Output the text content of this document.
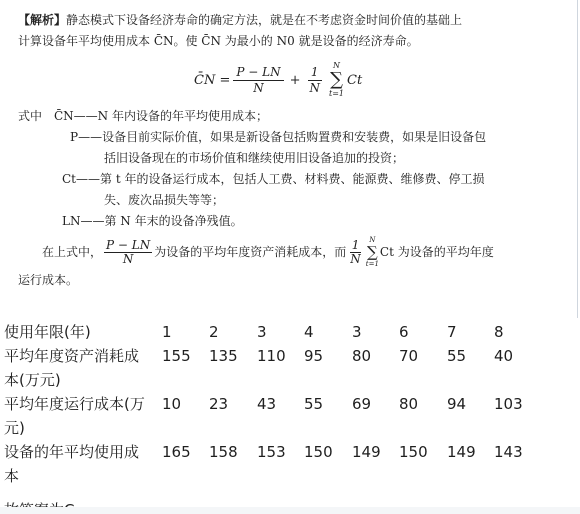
【解析】静态模式下设备经济寿命的确定方法，就是在不考虑资金时间价值的基础上
计算设备年平均使用成本 C̄N。使 C̄N 为最小的 N0 就是设备的经济寿命。
C̄N = $\frac{P - LN}{N} + \frac{1}{N}$ N
∑
t=1
Ct
式中 C̄N——N 年内设备的年平均使用成本；
P——设备目前实际价值，如果是新设备包括购置费和安装费，如果是旧设备包
括旧设备现在的市场价值和继续使用旧设备追加的投资；
Ct——第 t 年的设备运行成本，包括人工费、材料费、能源费、维修费、停工损
失、废次品损失等等；
LN——第 N 年末的设备净残值。
在上式中， $\frac{P - LN}{N}$ 为设备的平均年度资产消耗成本，而 $\frac{1}{N}$ N
∑
t=1
Ct 为设备的平均年度
运行成本。
使用年限(年)	1 2	3 4	3 6	7 8
平均年度资产消耗成
本(万元)
155 135 110 95 80 70 55 40
平均年度运行成本(万
元)
10 23 43 55 69 80 94 103
设备的年平均使用成
本
165 158 153 150 149 150 149 143
